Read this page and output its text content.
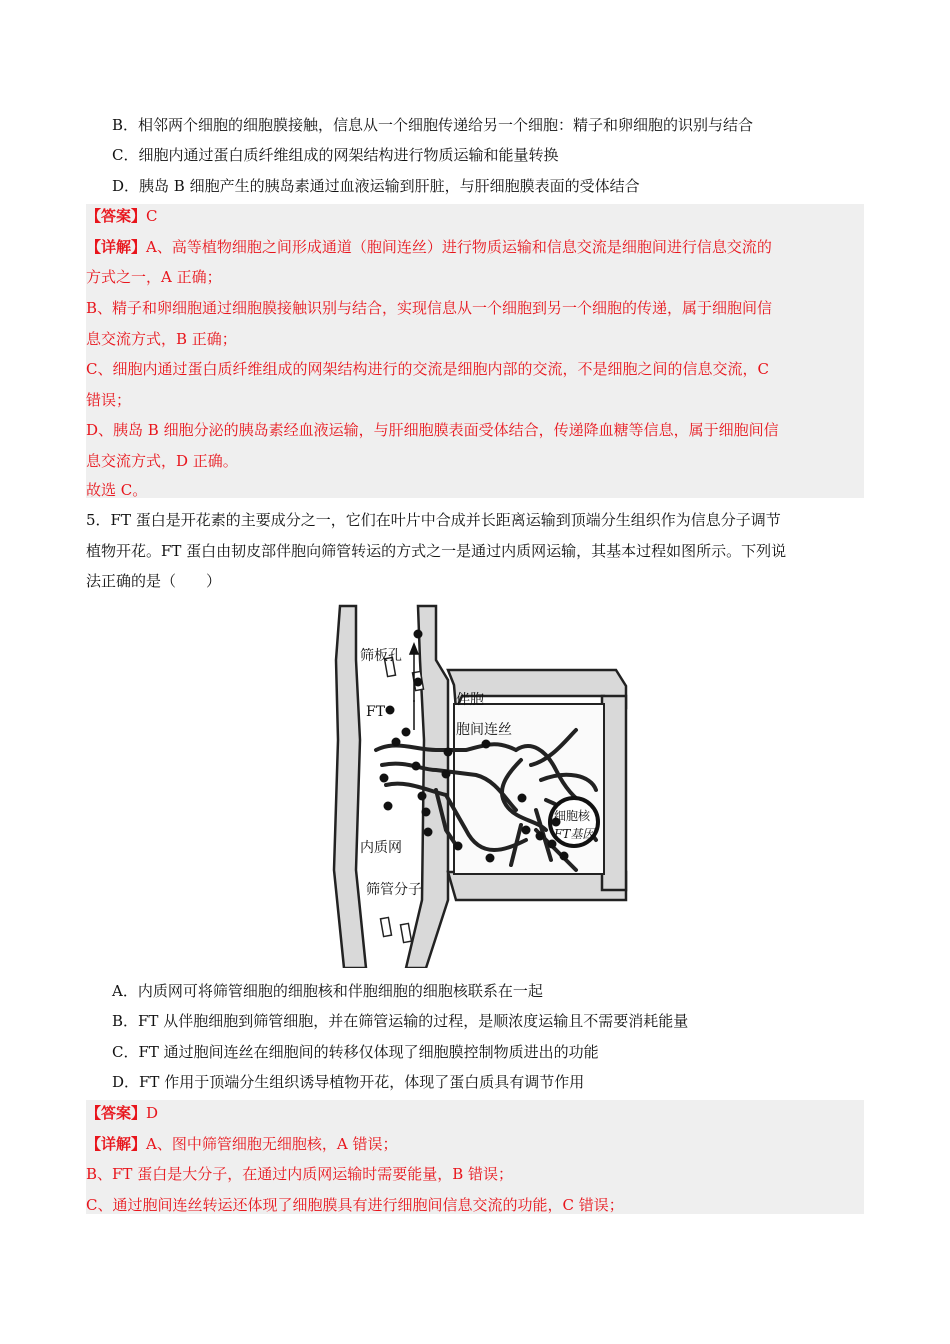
B．相邻两个细胞的细胞膜接触，信息从一个细胞传递给另一个细胞：精子和卵细胞的识别与结合
C．细胞内通过蛋白质纤维组成的网架结构进行物质运输和能量转换
D．胰岛 B 细胞产生的胰岛素通过血液运输到肝脏，与肝细胞膜表面的受体结合
【答案】C
【详解】A、高等植物细胞之间形成通道（胞间连丝）进行物质运输和信息交流是细胞间进行信息交流的
方式之一，A 正确；
B、精子和卵细胞通过细胞膜接触识别与结合，实现信息从一个细胞到另一个细胞的传递，属于细胞间信
息交流方式，B 正确；
C、细胞内通过蛋白质纤维组成的网架结构进行的交流是细胞内部的交流，不是细胞之间的信息交流，C
错误；
D、胰岛 B 细胞分泌的胰岛素经血液运输，与肝细胞膜表面受体结合，传递降血糖等信息，属于细胞间信
息交流方式，D 正确。
故选 C。
5．FT 蛋白是开花素的主要成分之一，它们在叶片中合成并长距离运输到顶端分生组织作为信息分子调节
植物开花。FT 蛋白由韧皮部伴胞向筛管转运的方式之一是通过内质网运输，其基本过程如图所示。下列说
法正确的是（　　）
筛板孔
FT
伴胞
胞间连丝
细胞核
FT基因
内质网
筛管分子
A．内质网可将筛管细胞的细胞核和伴胞细胞的细胞核联系在一起
B．FT 从伴胞细胞到筛管细胞，并在筛管运输的过程，是顺浓度运输且不需要消耗能量
C．FT 通过胞间连丝在细胞间的转移仅体现了细胞膜控制物质进出的功能
D．FT 作用于顶端分生组织诱导植物开花，体现了蛋白质具有调节作用
【答案】D
【详解】A、图中筛管细胞无细胞核，A 错误；
B、FT 蛋白是大分子，在通过内质网运输时需要能量，B 错误；
C、通过胞间连丝转运还体现了细胞膜具有进行细胞间信息交流的功能，C 错误；
